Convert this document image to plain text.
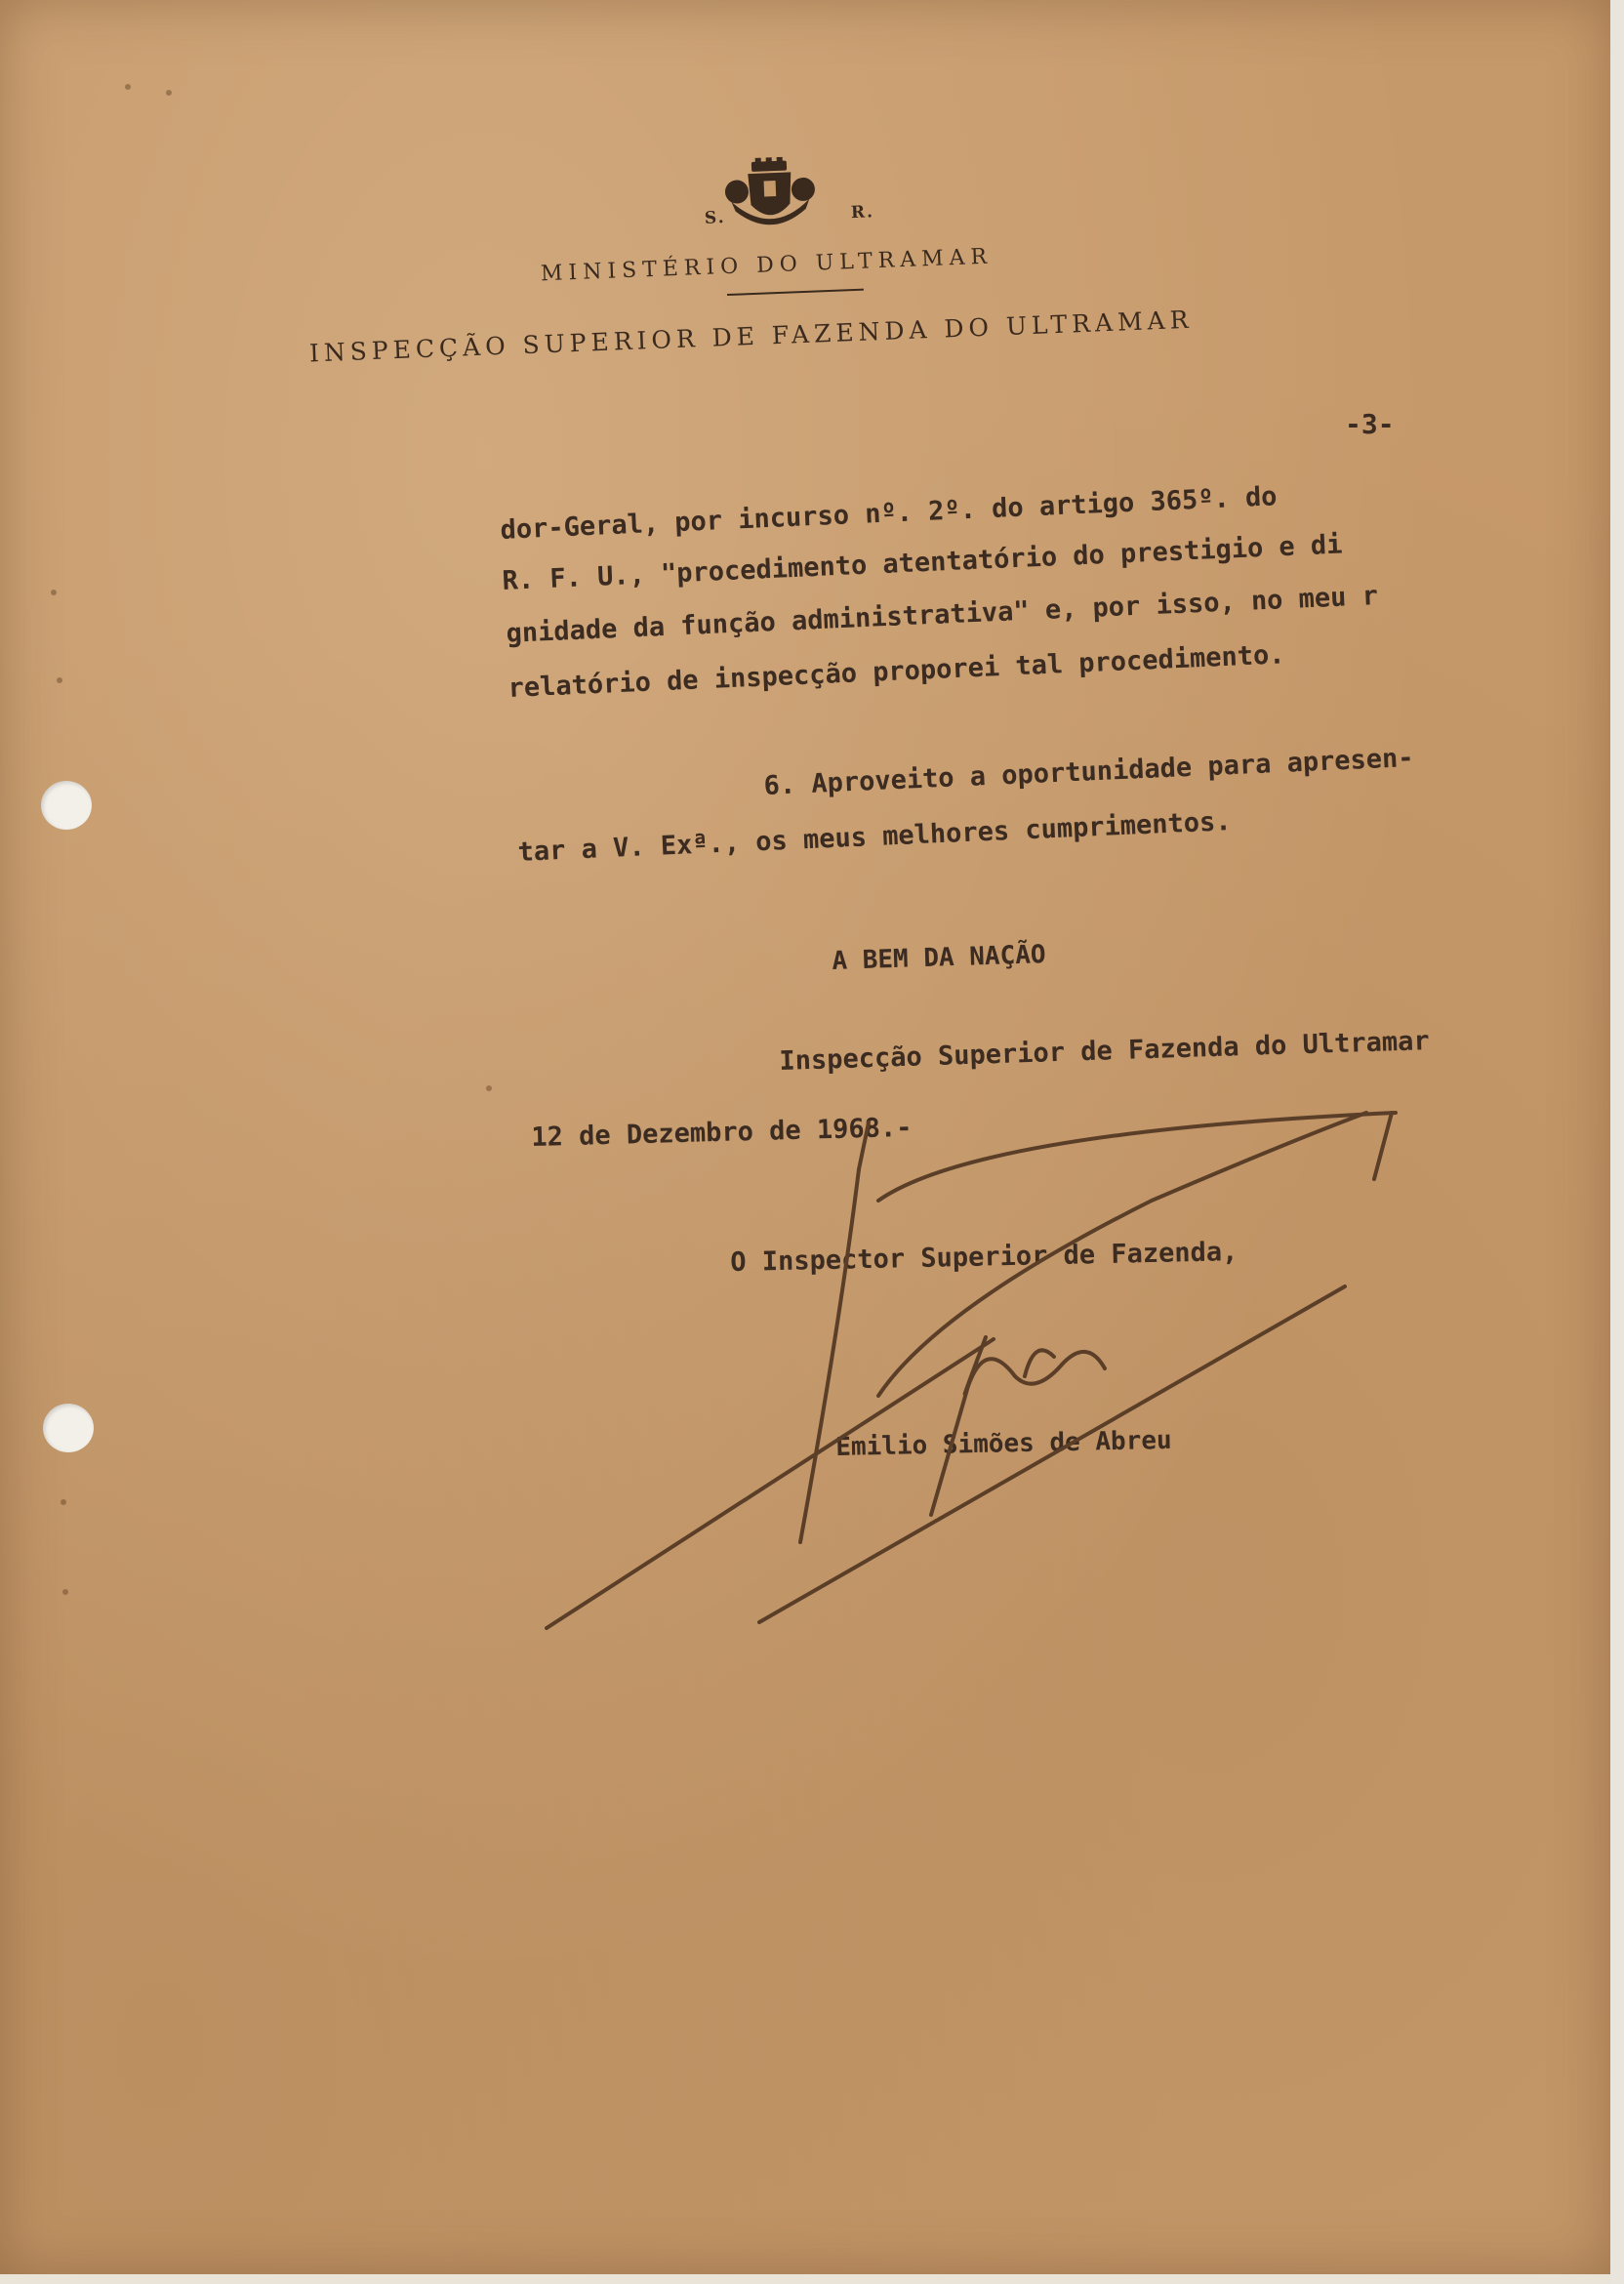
S.	R.
MINISTÉRIO DO ULTRAMAR
INSPECÇÃO SUPERIOR DE FAZENDA DO ULTRAMAR
-3-
dor-Geral, por incurso nº. 2º. do artigo 365º. do
R. F. U., "procedimento atentatório do prestigio e di
gnidade da função administrativa" e, por isso, no meu r
relatório de inspecção proporei tal procedimento.
6. Aproveito a oportunidade para apresen-
tar a V. Exª., os meus melhores cumprimentos.
A BEM DA NAÇÃO
Inspecção Superior de Fazenda do Ultramar
12 de Dezembro de 1968.-
O Inspector Superior de Fazenda,
Emilio Simões de Abreu
